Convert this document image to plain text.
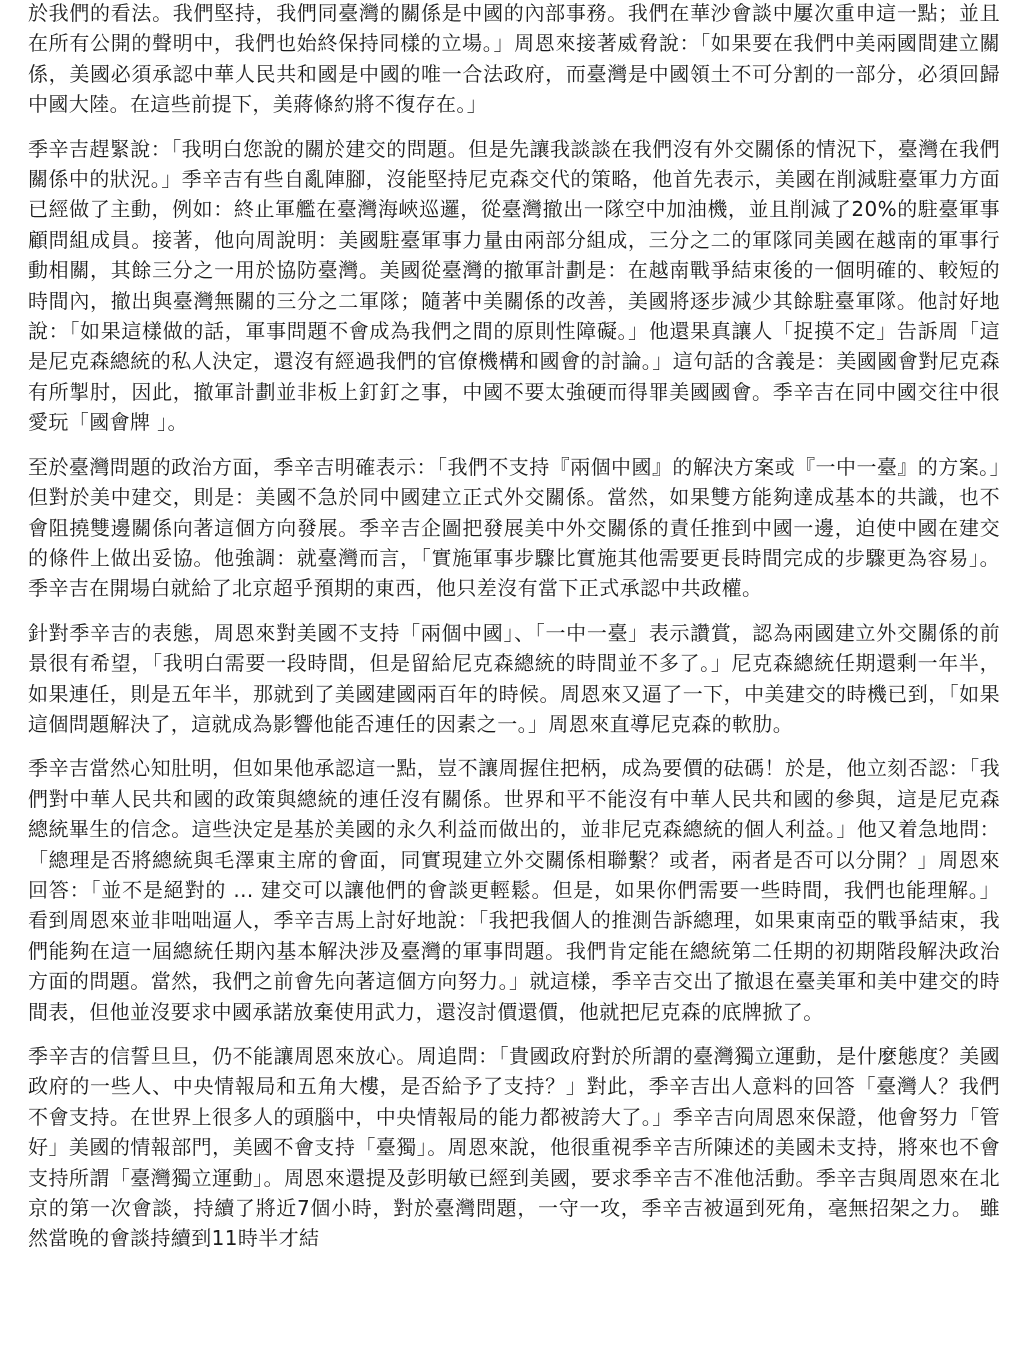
於我們的看法。我們堅持，我們同臺灣的關係是中國的內部事務。我們在華沙會談中屢次重申這一點；並且在所有公開的聲明中，我們也始終保持同樣的立場。」周恩來接著威脅說：「如果要在我們中美兩國間建立關係，美國必須承認中華人民共和國是中國的唯一合法政府，而臺灣是中國領土不可分割的一部分，必須回歸中國大陸。在這些前提下，美蔣條約將不復存在。」

季辛吉趕緊說：「我明白您說的關於建交的問題。但是先讓我談談在我們沒有外交關係的情況下，臺灣在我們關係中的狀況。」季辛吉有些自亂陣腳，沒能堅持尼克森交代的策略，他首先表示，美國在削減駐臺軍力方面已經做了主動，例如：終止軍艦在臺灣海峽巡邏，從臺灣撤出一隊空中加油機，並且削減了20%的駐臺軍事顧問組成員。接著，他向周說明：美國駐臺軍事力量由兩部分組成，三分之二的軍隊同美國在越南的軍事行動相關，其餘三分之一用於協防臺灣。美國從臺灣的撤軍計劃是：在越南戰爭結束後的一個明確的、較短的時間內，撤出與臺灣無關的三分之二軍隊；隨著中美關係的改善，美國將逐步減少其餘駐臺軍隊。他討好地說：「如果這樣做的話，軍事問題不會成為我們之間的原則性障礙。」他還果真讓人「捉摸不定」告訴周「這是尼克森總統的私人決定，還沒有經過我們的官僚機構和國會的討論。」這句話的含義是：美國國會對尼克森有所掣肘，因此，撤軍計劃並非板上釘釘之事，中國不要太強硬而得罪美國國會。季辛吉在同中國交往中很愛玩「國會牌 」。

至於臺灣問題的政治方面，季辛吉明確表示：「我們不支持『兩個中國』的解決方案或『一中一臺』的方案。」但對於美中建交，則是：美國不急於同中國建立正式外交關係。當然，如果雙方能夠達成基本的共識，也不會阻撓雙邊關係向著這個方向發展。季辛吉企圖把發展美中外交關係的責任推到中國一邊，迫使中國在建交的條件上做出妥協。他強調：就臺灣而言，「實施軍事步驟比實施其他需要更長時間完成的步驟更為容易」。季辛吉在開場白就給了北京超乎預期的東西，他只差沒有當下正式承認中共政權。

針對季辛吉的表態，周恩來對美國不支持「兩個中國」、「一中一臺」表示讚賞，認為兩國建立外交關係的前景很有希望，「我明白需要一段時間，但是留給尼克森總統的時間並不多了。」尼克森總統任期還剩一年半，如果連任，則是五年半，那就到了美國建國兩百年的時候。周恩來又逼了一下，中美建交的時機已到，「如果這個問題解決了，這就成為影響他能否連任的因素之一。」周恩來直導尼克森的軟肋。

季辛吉當然心知肚明，但如果他承認這一點，豈不讓周握住把柄，成為要價的砝碼！於是，他立刻否認：「我們對中華人民共和國的政策與總統的連任沒有關係。世界和平不能沒有中華人民共和國的參與，這是尼克森總統畢生的信念。這些決定是基於美國的永久利益而做出的，並非尼克森總統的個人利益。」他又着急地問：「總理是否將總統與毛澤東主席的會面，同實現建立外交關係相聯繫？或者，兩者是否可以分開？」周恩來回答：「並不是絕對的 ... 建交可以讓他們的會談更輕鬆。但是，如果你們需要一些時間，我們也能理解。」看到周恩來並非咄咄逼人，季辛吉馬上討好地說：「我把我個人的推測告訴總理，如果東南亞的戰爭結束，我們能夠在這一屆總統任期內基本解決涉及臺灣的軍事問題。我們肯定能在總統第二任期的初期階段解決政治方面的問題。當然，我們之前會先向著這個方向努力。」就這樣，季辛吉交出了撤退在臺美軍和美中建交的時間表，但他並沒要求中國承諾放棄使用武力，還沒討價還價，他就把尼克森的底牌掀了。

季辛吉的信誓旦旦，仍不能讓周恩來放心。周追問：「貴國政府對於所謂的臺灣獨立運動，是什麼態度？美國政府的一些人、中央情報局和五角大樓，是否給予了支持？」對此，季辛吉出人意料的回答「臺灣人？我們不會支持。在世界上很多人的頭腦中，中央情報局的能力都被誇大了。」季辛吉向周恩來保證，他會努力「管好」美國的情報部門，美國不會支持「臺獨」。周恩來說，他很重視季辛吉所陳述的美國未支持，將來也不會支持所謂「臺灣獨立運動」。周恩來還提及彭明敏已經到美國，要求季辛吉不准他活動。季辛吉與周恩來在北京的第一次會談，持續了將近7個小時，對於臺灣問題，一守一攻，季辛吉被逼到死角，毫無招架之力。 雖然當晚的會談持續到11時半才結
